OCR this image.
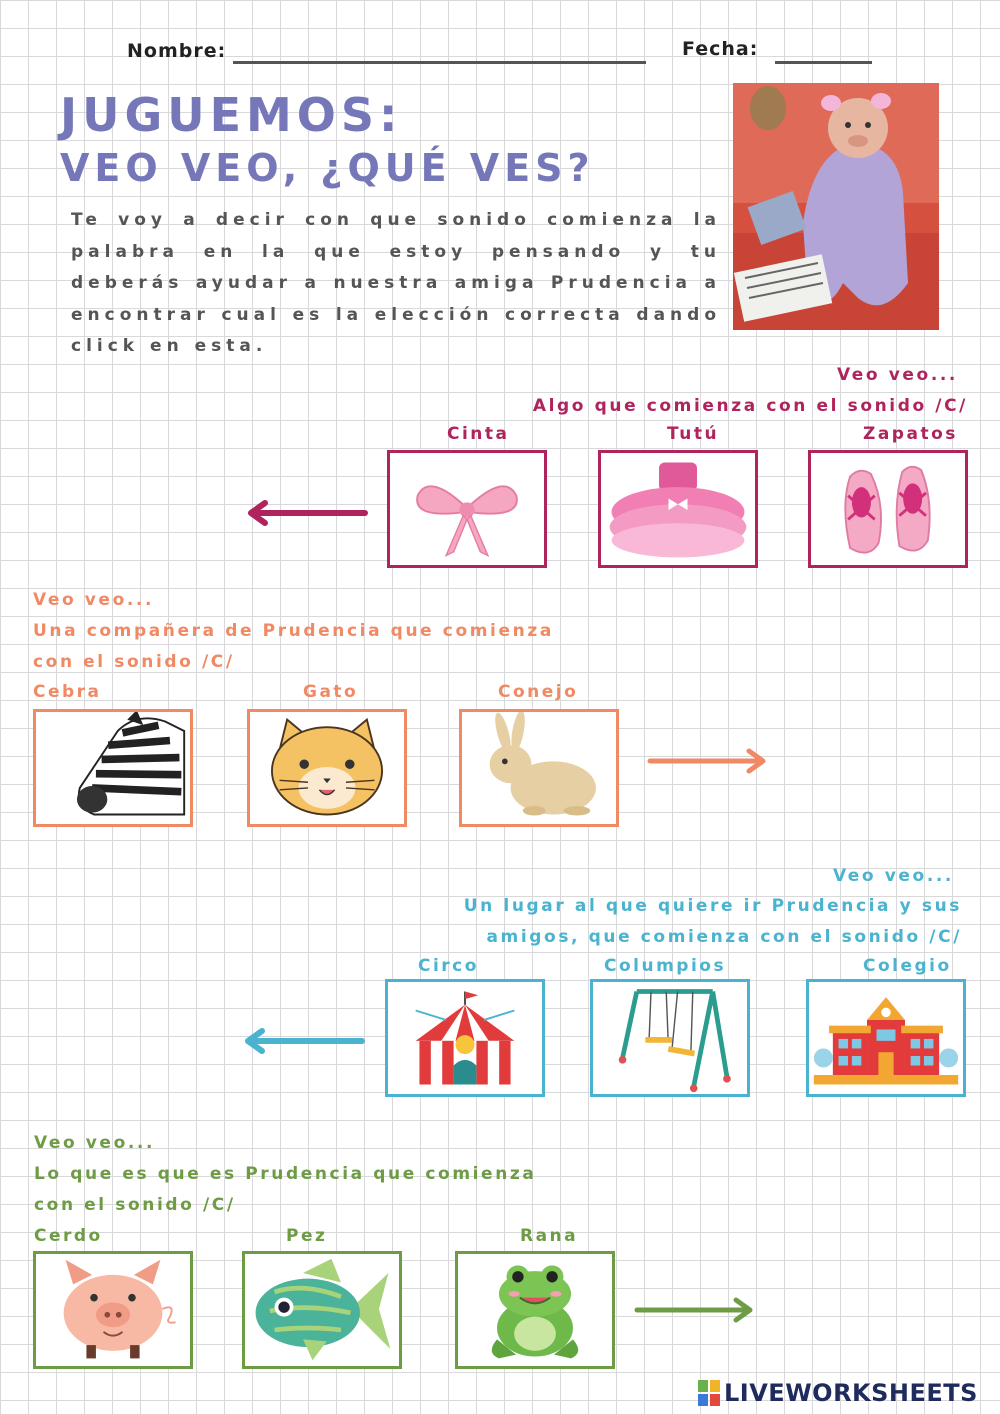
Nombre:	Fecha:
JUGUEMOS:
VEO VEO, ¿QUÉ VES?
Te voy a decir con que sonido comienza la palabra en la que estoy pensando y tu deberás ayudar a nuestra amiga Prudencia a encontrar cual es la elección correcta dando click en esta.
Veo veo...
Algo que comienza con el sonido /C/
Cinta	Tutú	Zapatos
Veo veo...
Una compañera de Prudencia que comienza
con el sonido /C/
Cebra	Gato	Conejo
Veo veo...
Un lugar al que quiere ir Prudencia y sus
amigos, que comienza con el sonido /C/
Circo	Columpios	Colegio
Veo veo...
Lo que es que es Prudencia que comienza
con el sonido /C/
Cerdo	Pez	Rana
LIVEWORKSHEETS
